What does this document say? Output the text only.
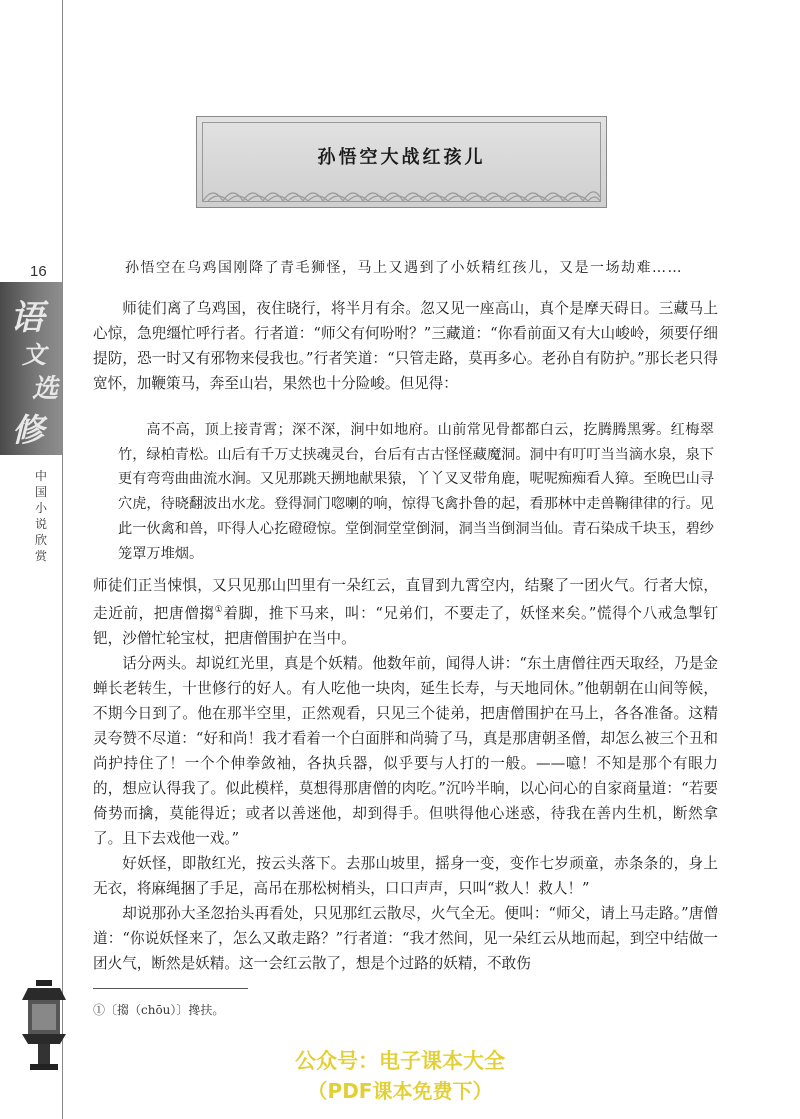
16
语
文
选
修
中
国
小
说
欣
赏
孙悟空大战红孩儿
孙悟空在乌鸡国刚降了青毛狮怪，马上又遇到了小妖精红孩儿，又是一场劫难……

师徒们离了乌鸡国，夜住晓行，将半月有余。忽又见一座高山，真个是摩天碍日。三藏马上心惊，急兜缰忙呼行者。行者道：“师父有何吩咐？”三藏道：“你看前面又有大山峻岭，须要仔细提防，恐一时又有邪物来侵我也。”行者笑道：“只管走路，莫再多心。老孙自有防护。”那长老只得宽怀，加鞭策马，奔至山岩，果然也十分险峻。但见得：

高不高，顶上接青霄；深不深，涧中如地府。山前常见骨都都白云，扢腾腾黑雾。红梅翠竹，绿柏青松。山后有千万丈挟魂灵台，台后有古古怪怪藏魔洞。洞中有叮叮当当滴水泉，泉下更有弯弯曲曲流水涧。又见那跳天搠地献果猿，丫丫叉叉带角鹿，呢呢痴痴看人獐。至晚巴山寻穴虎，待晓翻波出水龙。登得洞门唿喇的响，惊得飞禽扑鲁的起，看那林中走兽鞠律律的行。见此一伙禽和兽，吓得人心扢磴磴惊。堂倒洞堂堂倒洞，洞当当倒洞当仙。青石染成千块玉，碧纱笼罩万堆烟。

师徒们正当悚惧，又只见那山凹里有一朵红云，直冒到九霄空内，结聚了一团火气。行者大惊，走近前，把唐僧搊①着脚，推下马来，叫：“兄弟们，不要走了，妖怪来矣。”慌得个八戒急掣钉钯，沙僧忙轮宝杖，把唐僧围护在当中。

话分两头。却说红光里，真是个妖精。他数年前，闻得人讲：“东土唐僧往西天取经，乃是金蝉长老转生，十世修行的好人。有人吃他一块肉，延生长寿，与天地同休。”他朝朝在山间等候，不期今日到了。他在那半空里，正然观看，只见三个徒弟，把唐僧围护在马上，各各准备。这精灵夸赞不尽道：“好和尚！我才看着一个白面胖和尚骑了马，真是那唐朝圣僧，却怎么被三个丑和尚护持住了！一个个伸拳敛袖，各执兵器，似乎要与人打的一般。——噫！不知是那个有眼力的，想应认得我了。似此模样，莫想得那唐僧的肉吃。”沉吟半晌，以心问心的自家商量道：“若要倚势而擒，莫能得近；或者以善迷他，却到得手。但哄得他心迷惑，待我在善内生机，断然拿了。且下去戏他一戏。”

好妖怪，即散红光，按云头落下。去那山坡里，摇身一变，变作七岁顽童，赤条条的，身上无衣，将麻绳捆了手足，高吊在那松树梢头，口口声声，只叫“救人！救人！”

却说那孙大圣忽抬头再看处，只见那红云散尽，火气全无。便叫：“师父，请上马走路。”唐僧道：“你说妖怪来了，怎么又敢走路？”行者道：“我才然间，见一朵红云从地而起，到空中结做一团火气，断然是妖精。这一会红云散了，想是个过路的妖精，不敢伤

①〔搊（chōu）〕搀扶。
公众号：电子课本大全
（PDF课本免费下）
